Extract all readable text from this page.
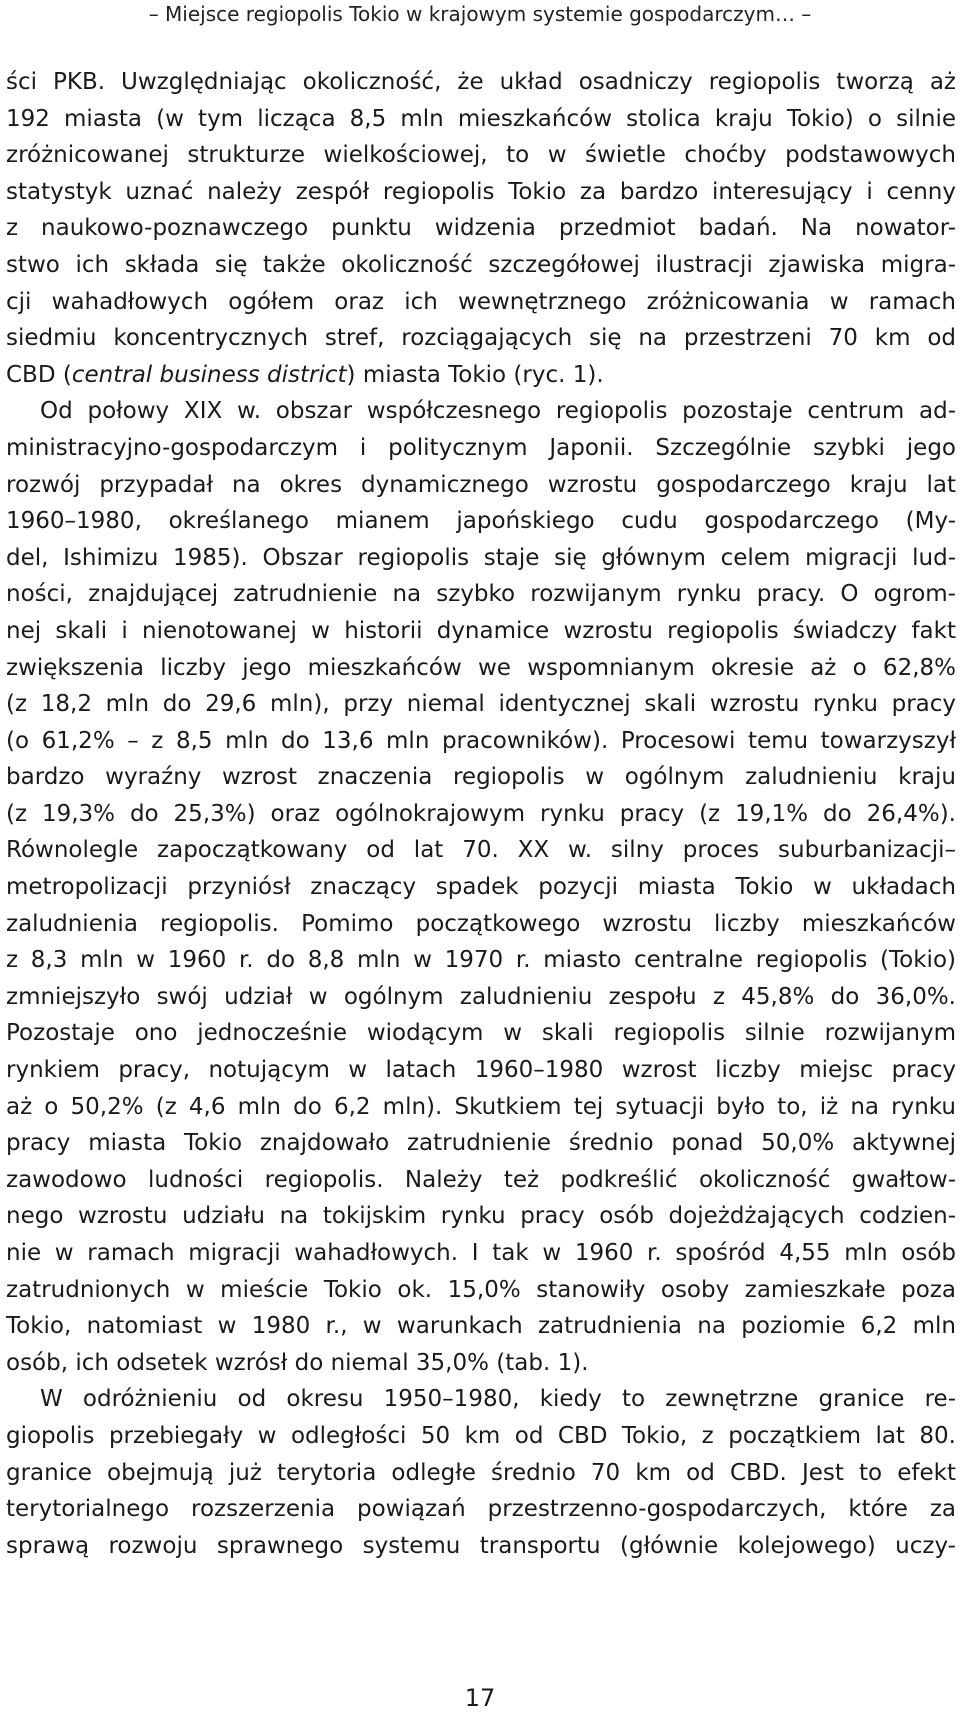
– Miejsce regiopolis Tokio w krajowym systemie gospodarczym… –
ści PKB. Uwzględniając okoliczność, że układ osadniczy regiopolis tworzą aż
192 miasta (w tym licząca 8,5 mln mieszkańców stolica kraju Tokio) o silnie
zróżnicowanej strukturze wielkościowej, to w świetle choćby podstawowych
statystyk uznać należy zespół regiopolis Tokio za bardzo interesujący i cenny
z naukowo-poznawczego punktu widzenia przedmiot badań. Na nowator-
stwo ich składa się także okoliczność szczegółowej ilustracji zjawiska migra-
cji wahadłowych ogółem oraz ich wewnętrznego zróżnicowania w ramach
siedmiu koncentrycznych stref, rozciągających się na przestrzeni 70 km od
CBD (central business district) miasta Tokio (ryc. 1).
Od połowy XIX w. obszar współczesnego regiopolis pozostaje centrum ad-
ministracyjno-gospodarczym i politycznym Japonii. Szczególnie szybki jego
rozwój przypadał na okres dynamicznego wzrostu gospodarczego kraju lat
1960–1980, określanego mianem japońskiego cudu gospodarczego (My-
del, Ishimizu 1985). Obszar regiopolis staje się głównym celem migracji lud-
ności, znajdującej zatrudnienie na szybko rozwijanym rynku pracy. O ogrom-
nej skali i nienotowanej w historii dynamice wzrostu regiopolis świadczy fakt
zwiększenia liczby jego mieszkańców we wspomnianym okresie aż o 62,8%
(z 18,2 mln do 29,6 mln), przy niemal identycznej skali wzrostu rynku pracy
(o 61,2% – z 8,5 mln do 13,6 mln pracowników). Procesowi temu towarzyszył
bardzo wyraźny wzrost znaczenia regiopolis w ogólnym zaludnieniu kraju
(z 19,3% do 25,3%) oraz ogólnokrajowym rynku pracy (z 19,1% do 26,4%).
Równolegle zapoczątkowany od lat 70. XX w. silny proces suburbanizacji–
metropolizacji przyniósł znaczący spadek pozycji miasta Tokio w układach
zaludnienia regiopolis. Pomimo początkowego wzrostu liczby mieszkańców
z 8,3 mln w 1960 r. do 8,8 mln w 1970 r. miasto centralne regiopolis (Tokio)
zmniejszyło swój udział w ogólnym zaludnieniu zespołu z 45,8% do 36,0%.
Pozostaje ono jednocześnie wiodącym w skali regiopolis silnie rozwijanym
rynkiem pracy, notującym w latach 1960–1980 wzrost liczby miejsc pracy
aż o 50,2% (z 4,6 mln do 6,2 mln). Skutkiem tej sytuacji było to, iż na rynku
pracy miasta Tokio znajdowało zatrudnienie średnio ponad 50,0% aktywnej
zawodowo ludności regiopolis. Należy też podkreślić okoliczność gwałtow-
nego wzrostu udziału na tokijskim rynku pracy osób dojeżdżających codzien-
nie w ramach migracji wahadłowych. I tak w 1960 r. spośród 4,55 mln osób
zatrudnionych w mieście Tokio ok. 15,0% stanowiły osoby zamieszkałe poza
Tokio, natomiast w 1980 r., w warunkach zatrudnienia na poziomie 6,2 mln
osób, ich odsetek wzrósł do niemal 35,0% (tab. 1).
W odróżnieniu od okresu 1950–1980, kiedy to zewnętrzne granice re-
giopolis przebiegały w odległości 50 km od CBD Tokio, z początkiem lat 80.
granice obejmują już terytoria odległe średnio 70 km od CBD. Jest to efekt
terytorialnego rozszerzenia powiązań przestrzenno-gospodarczych, które za
sprawą rozwoju sprawnego systemu transportu (głównie kolejowego) uczy-
17
